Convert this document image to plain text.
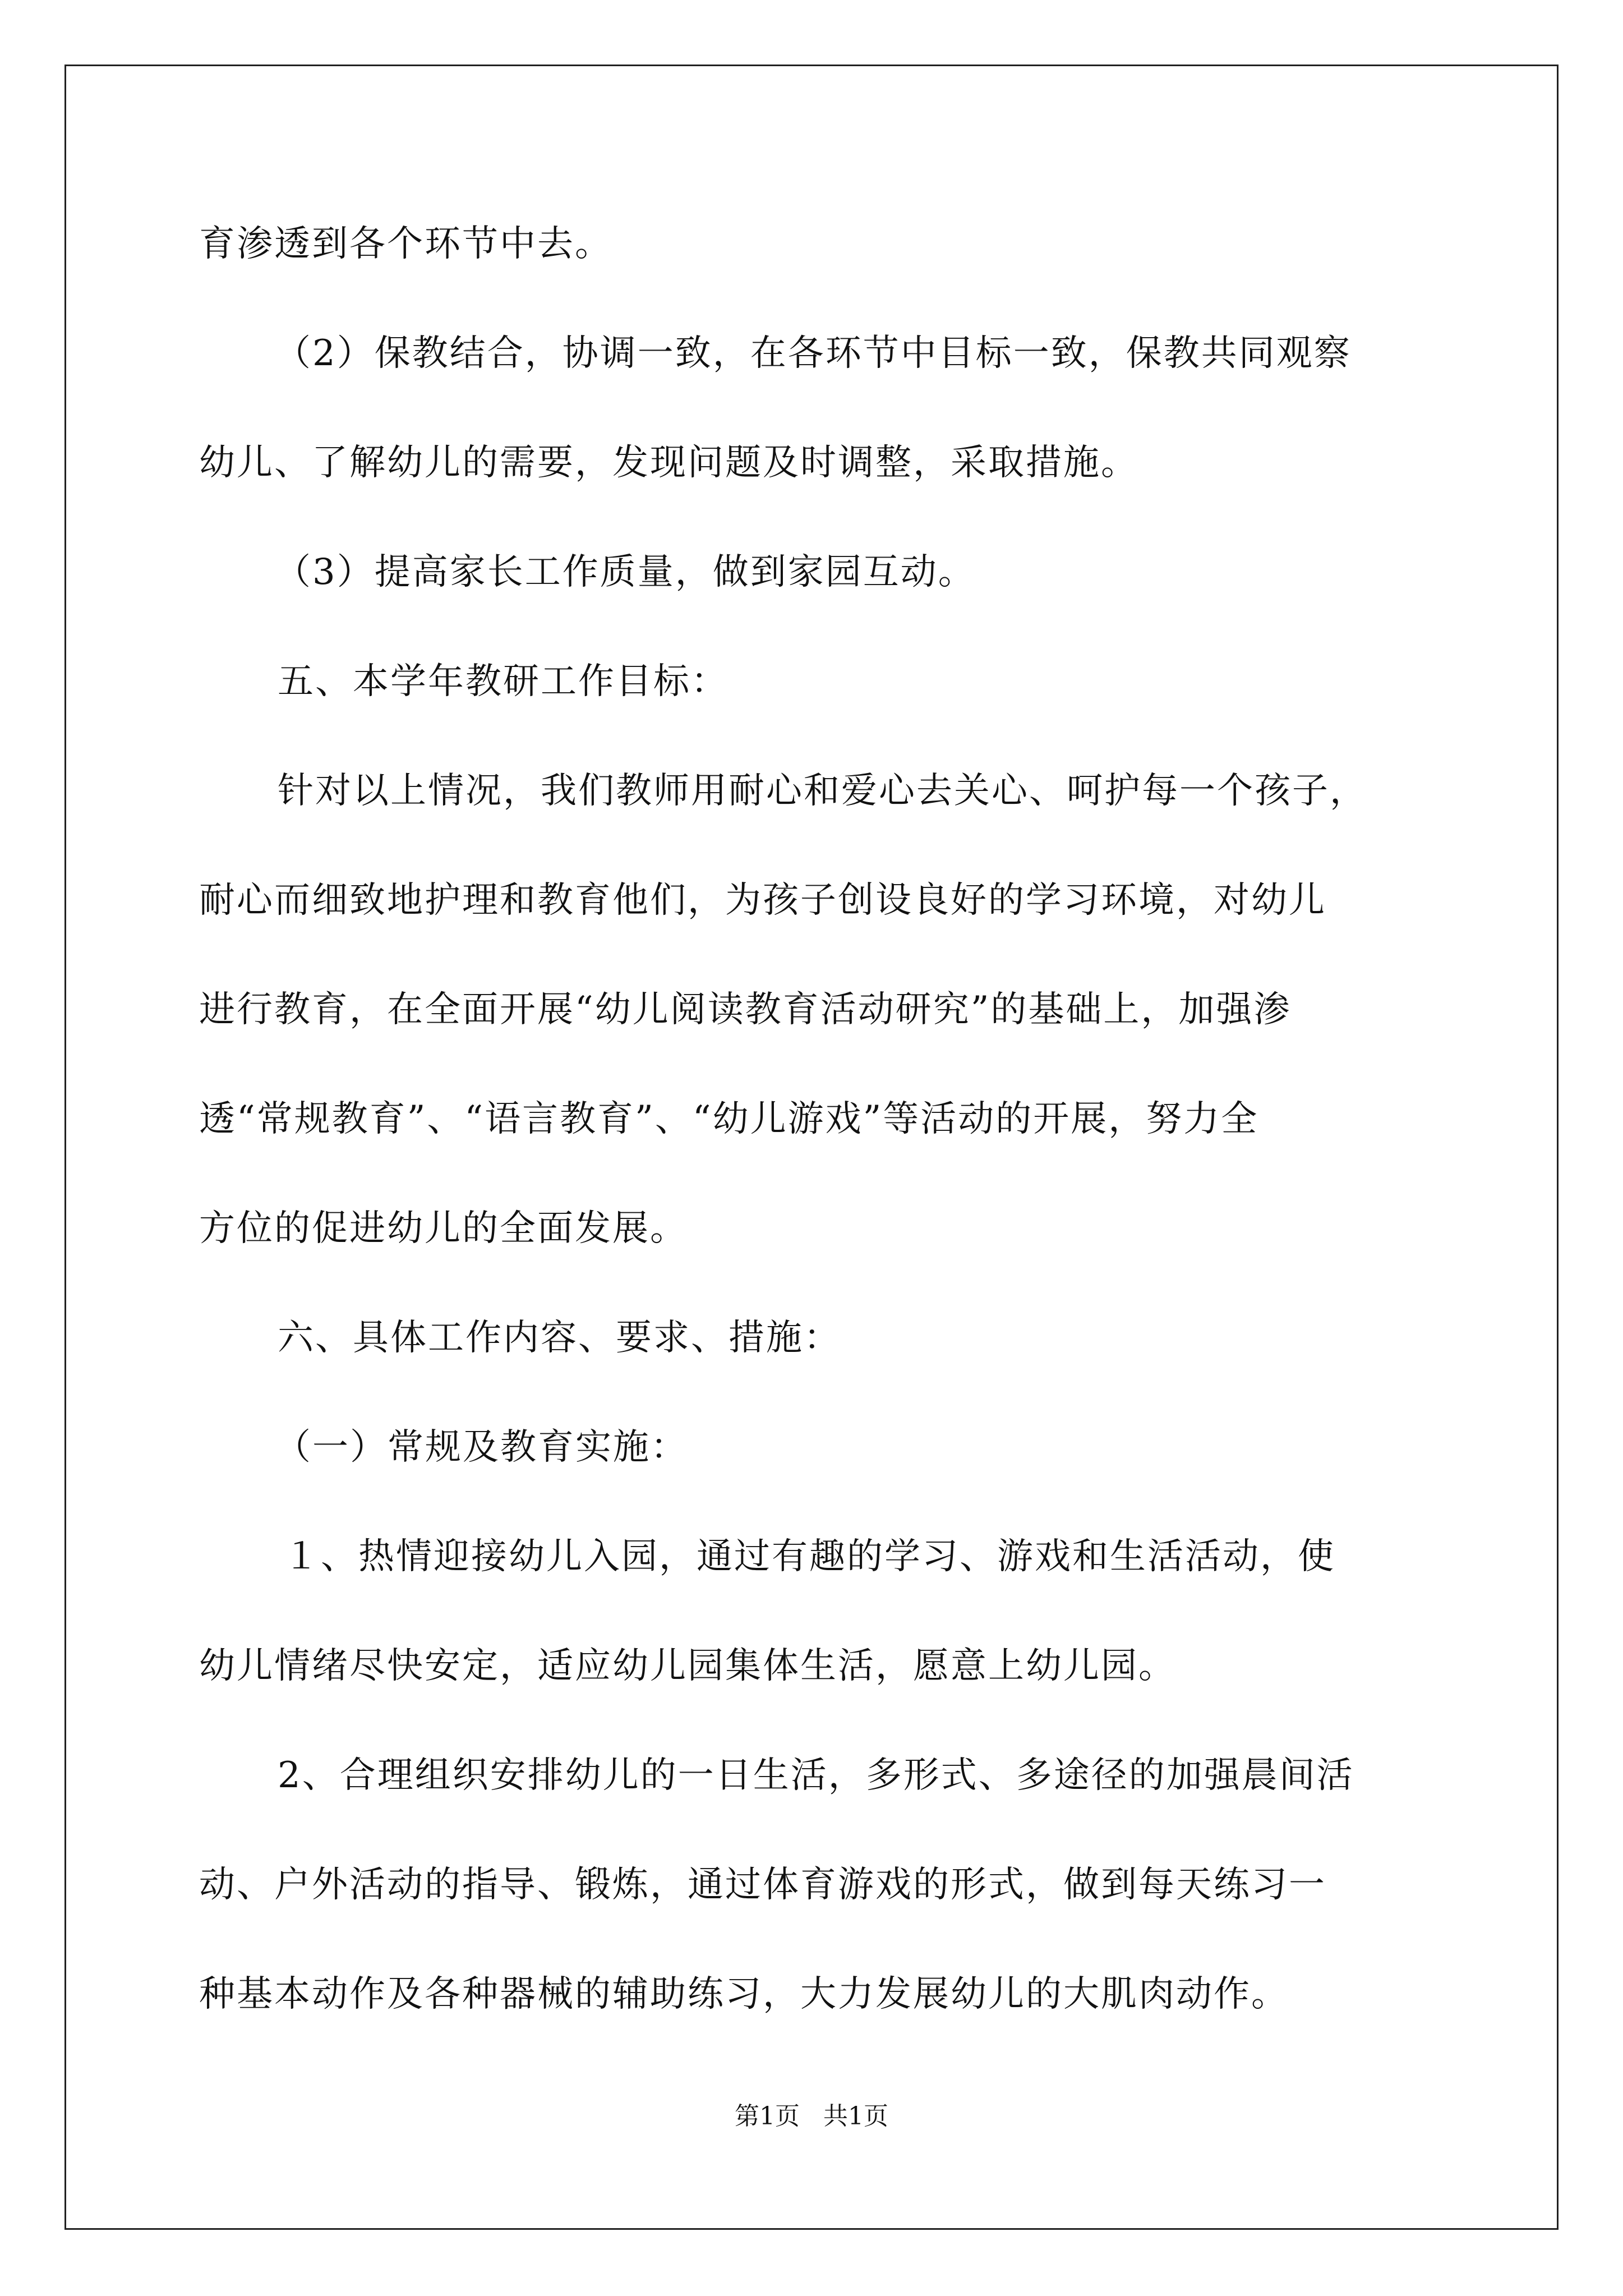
育渗透到各个环节中去。
（2）保教结合，协调一致，在各环节中目标一致，保教共同观察
幼儿、了解幼儿的需要，发现问题及时调整，采取措施。
（3）提高家长工作质量，做到家园互动。
五、本学年教研工作目标：
针对以上情况，我们教师用耐心和爱心去关心、呵护每一个孩子，
耐心而细致地护理和教育他们，为孩子创设良好的学习环境，对幼儿
进行教育，在全面开展“幼儿阅读教育活动研究”的基础上，加强渗
透“常规教育”、“语言教育”、“幼儿游戏”等活动的开展，努力全
方位的促进幼儿的全面发展。
六、具体工作内容、要求、措施：
（一）常规及教育实施：
１、热情迎接幼儿入园，通过有趣的学习、游戏和生活活动，使
幼儿情绪尽快安定，适应幼儿园集体生活，愿意上幼儿园。
2、合理组织安排幼儿的一日生活，多形式、多途径的加强晨间活
动、户外活动的指导、锻炼，通过体育游戏的形式，做到每天练习一
种基本动作及各种器械的辅助练习，大力发展幼儿的大肌肉动作。
第1页   共1页
